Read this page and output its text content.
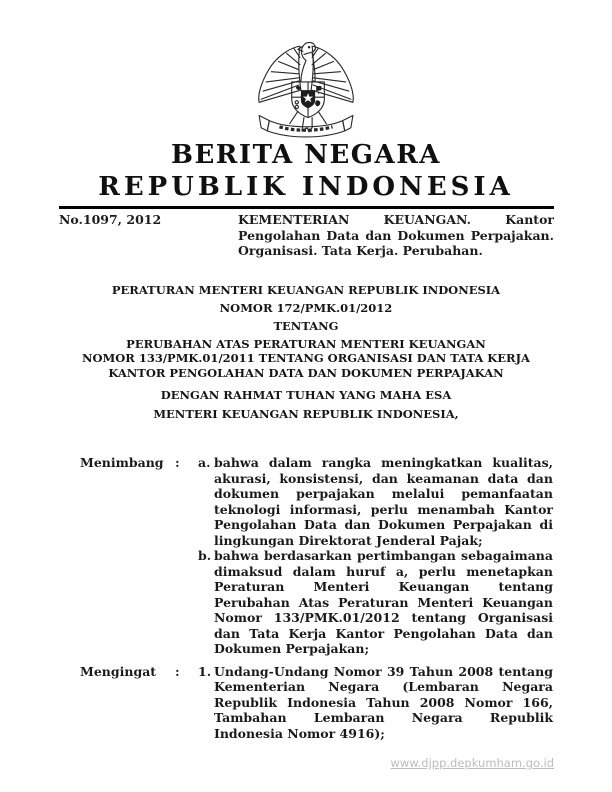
BERITA NEGARA
REPUBLIK INDONESIA
No.1097, 2012	KEMENTERIAN KEUANGAN. Kantor Pengolahan Data dan Dokumen Perpajakan. Organisasi. Tata Kerja. Perubahan.
PERATURAN MENTERI KEUANGAN REPUBLIK INDONESIA
NOMOR 172/PMK.01/2012
TENTANG
PERUBAHAN ATAS PERATURAN MENTERI KEUANGAN
NOMOR 133/PMK.01/2011 TENTANG ORGANISASI DAN TATA KERJA
KANTOR PENGOLAHAN DATA DAN DOKUMEN PERPAJAKAN
DENGAN RAHMAT TUHAN YANG MAHA ESA
MENTERI KEUANGAN REPUBLIK INDONESIA,
Menimbang :	a. bahwa dalam rangka meningkatkan kualitas, akurasi, konsistensi, dan keamanan data dan dokumen perpajakan melalui pemanfaatan teknologi informasi, perlu menambah Kantor Pengolahan Data dan Dokumen Perpajakan di lingkungan Direktorat Jenderal Pajak;
b. bahwa berdasarkan pertimbangan sebagaimana dimaksud dalam huruf a, perlu menetapkan Peraturan Menteri Keuangan tentang Perubahan Atas Peraturan Menteri Keuangan Nomor 133/PMK.01/2012 tentang Organisasi dan Tata Kerja Kantor Pengolahan Data dan Dokumen Perpajakan;
Mengingat	:	1. Undang-Undang Nomor 39 Tahun 2008 tentang Kementerian Negara (Lembaran Negara Republik Indonesia Tahun 2008 Nomor 166, Tambahan Lembaran Negara Republik Indonesia Nomor 4916);
www.djpp.depkumham.go.id
